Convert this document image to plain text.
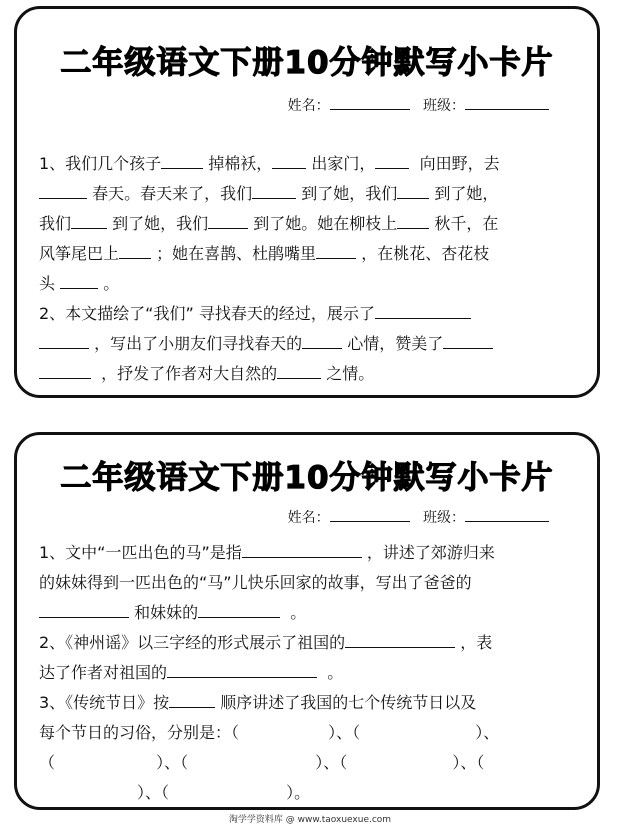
二年级语文下册10分钟默写小卡片
姓名：	班级：
1、我们几个孩子	掉棉袄， 出家门，	向田野，去
春天。春天来了，我们	到了她，我们 到了她，
我们	到了她，我们	到了她。她在柳枝上 秋千，在
风筝尾巴上 ；她在喜鹊、杜鹃嘴里	，在桃花、杏花枝
头	。
2、本文描绘了“我们” 寻找春天的经过，展示了
，写出了小朋友们寻找春天的	心情，赞美了
，抒发了作者对大自然的	之情。
二年级语文下册10分钟默写小卡片
姓名：	班级：
1、文中“一匹出色的马”是指	，讲述了郊游归来
的妹妹得到一匹出色的“马”儿快乐回家的故事，写出了爸爸的
和妹妹的	。
2、《神州谣》以三字经的形式展示了祖国的	，表
达了作者对祖国的	。
3、《传统节日》按	顺序讲述了我国的七个传统节日以及
每个节日的习俗，分别是：（	）、（	）、
（	）、（	）、（	）、（
）、（	）。
淘学学资料库 @ www.taoxuexue.com
